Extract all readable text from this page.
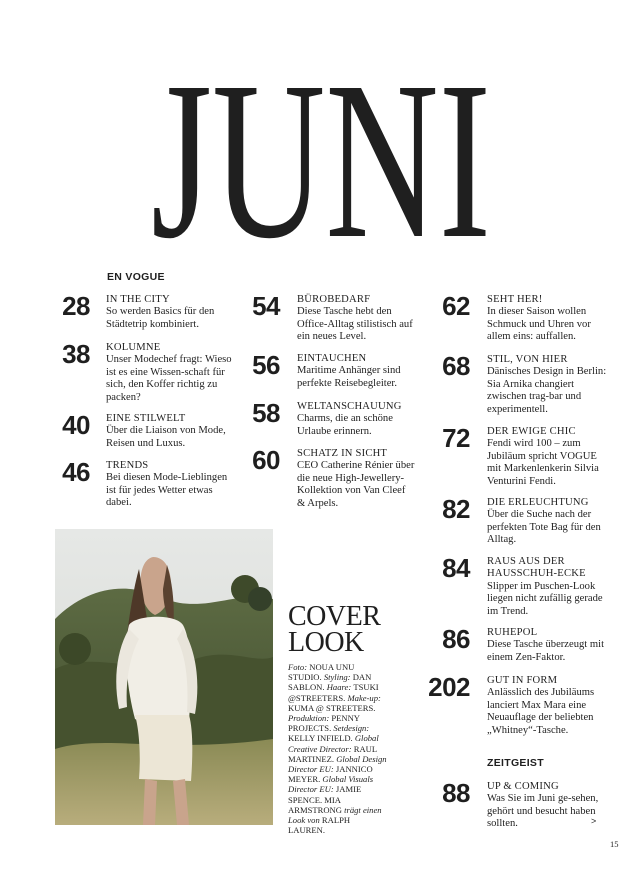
JUNI
EN VOGUE
28 IN THE CITY
So werden Basics für den Städtetrip kombiniert.
38 KOLUMNE
Unser Modechef fragt: Wieso ist es eine Wissen-schaft für sich, den Koffer richtig zu packen?
40 EINE STILWELT
Über die Liaison von Mode, Reisen und Luxus.
46 TRENDS
Bei diesen Mode-Lieblingen ist für jedes Wetter etwas dabei.
54 BÜROBEDARF
Diese Tasche hebt den Office-Alltag stilistisch auf ein neues Level.
56 EINTAUCHEN
Maritime Anhänger sind perfekte Reisebegleiter.
58 WELTANSCHAUUNG
Charms, die an schöne Urlaube erinnern.
60 SCHATZ IN SICHT
CEO Catherine Rénier über die neue High-Jewellery-Kollektion von Van Cleef & Arpels.
62 SEHT HER!
In dieser Saison wollen Schmuck und Uhren vor allem eins: auffallen.
68 STIL, VON HIER
Dänisches Design in Berlin: Sia Arnika changiert zwischen trag-bar und experimentell.
72 DER EWIGE CHIC
Fendi wird 100 – zum Jubiläum spricht VOGUE mit Markenlenkerin Silvia Venturini Fendi.
82 DIE ERLEUCHTUNG
Über die Suche nach der perfekten Tote Bag für den Alltag.
84 RAUS AUS DER HAUSSCHUH-ECKE
Slipper im Puschen-Look liegen nicht zufällig gerade im Trend.
86 RUHEPOL
Diese Tasche überzeugt mit einem Zen-Faktor.
202 GUT IN FORM
Anlässlich des Jubiläums lanciert Max Mara eine Neuauflage der beliebten „Whitney“-Tasche.
ZEITGEIST
88 UP & COMING
Was Sie im Juni ge-sehen, gehört und besucht haben sollten.
COVER
LOOK
Foto: NOUA UNU STUDIO. Styling: DAN SABLON. Haare: TSUKI @STREETERS. Make-up: KUMA @ STREETERS. Produktion: PENNY PROJECTS. Setdesign: KELLY INFIELD. Global Creative Director: RAUL MARTINEZ. Global Design Director EU: JANNICO MEYER. Global Visuals Director EU: JAMIE SPENCE. MIA ARMSTRONG trägt einen Look von RALPH LAUREN.
>
15
